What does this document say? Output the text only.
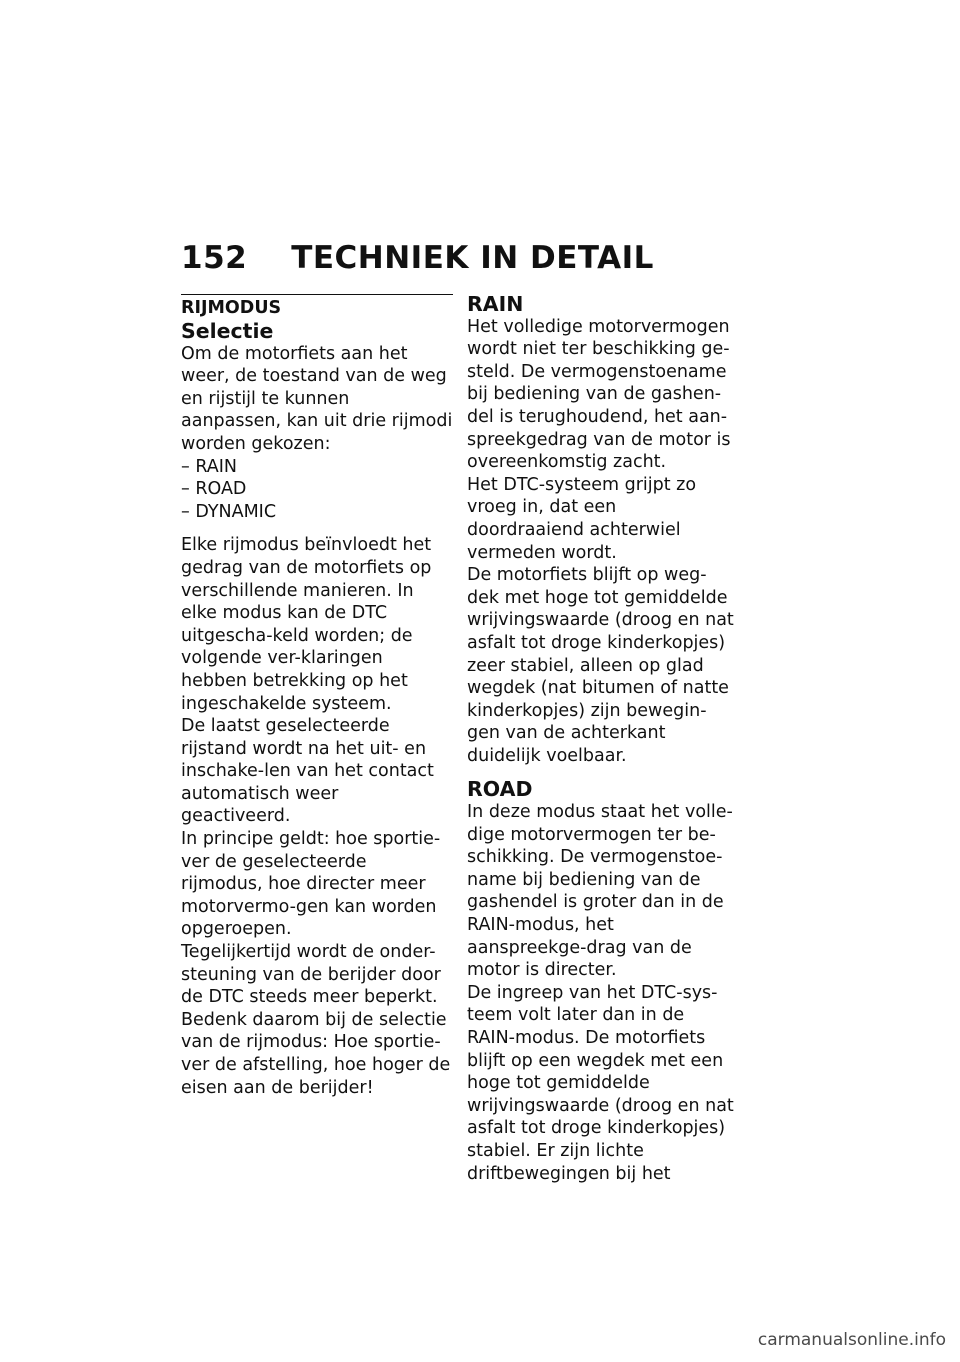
152 TECHNIEK IN DETAIL
RIJMODUS
Selectie

Om de motorfiets aan het weer, de toestand van de weg en rijstijl te kunnen aanpassen, kan uit drie rijmodi worden gekozen:

– RAIN
– ROAD
– DYNAMIC

Elke rijmodus beïnvloedt het gedrag van de motorfiets op verschillende manieren. In elke modus kan de DTC uitgescha-keld worden; de volgende ver-klaringen hebben betrekking op het ingeschakelde systeem.

De laatst geselecteerde rijstand wordt na het uit- en inschake-len van het contact automatisch weer geactiveerd.

In principe geldt: hoe sportie-ver de geselecteerde rijmodus, hoe directer meer motorvermo-gen kan worden opgeroepen.

Tegelijkertijd wordt de onder-steuning van de berijder door de DTC steeds meer beperkt.

Bedenk daarom bij de selectie van de rijmodus: Hoe sportie-ver de afstelling, hoe hoger de eisen aan de berijder!

RAIN

Het volledige motorvermogen wordt niet ter beschikking ge-steld. De vermogenstoename bij bediening van de gashen-del is terughoudend, het aan-spreekgedrag van de motor is overeenkomstig zacht.

Het DTC-systeem grijpt zo vroeg in, dat een doordraaiend achterwiel vermeden wordt.

De motorfiets blijft op weg-dek met hoge tot gemiddelde wrijvingswaarde (droog en nat asfalt tot droge kinderkopjes) zeer stabiel, alleen op glad wegdek (nat bitumen of natte kinderkopjes) zijn bewegin-gen van de achterkant duidelijk voelbaar.

ROAD

In deze modus staat het volle-dige motorvermogen ter be-schikking. De vermogenstoe-name bij bediening van de gashendel is groter dan in de RAIN-modus, het aanspreekge-drag van de motor is directer.

De ingreep van het DTC-sys-teem volt later dan in de RAIN-modus. De motorfiets blijft op een wegdek met een hoge tot gemiddelde wrijvingswaarde (droog en nat asfalt tot droge kinderkopjes) stabiel. Er zijn lichte driftbewegingen bij het

carmanualsonline.info
